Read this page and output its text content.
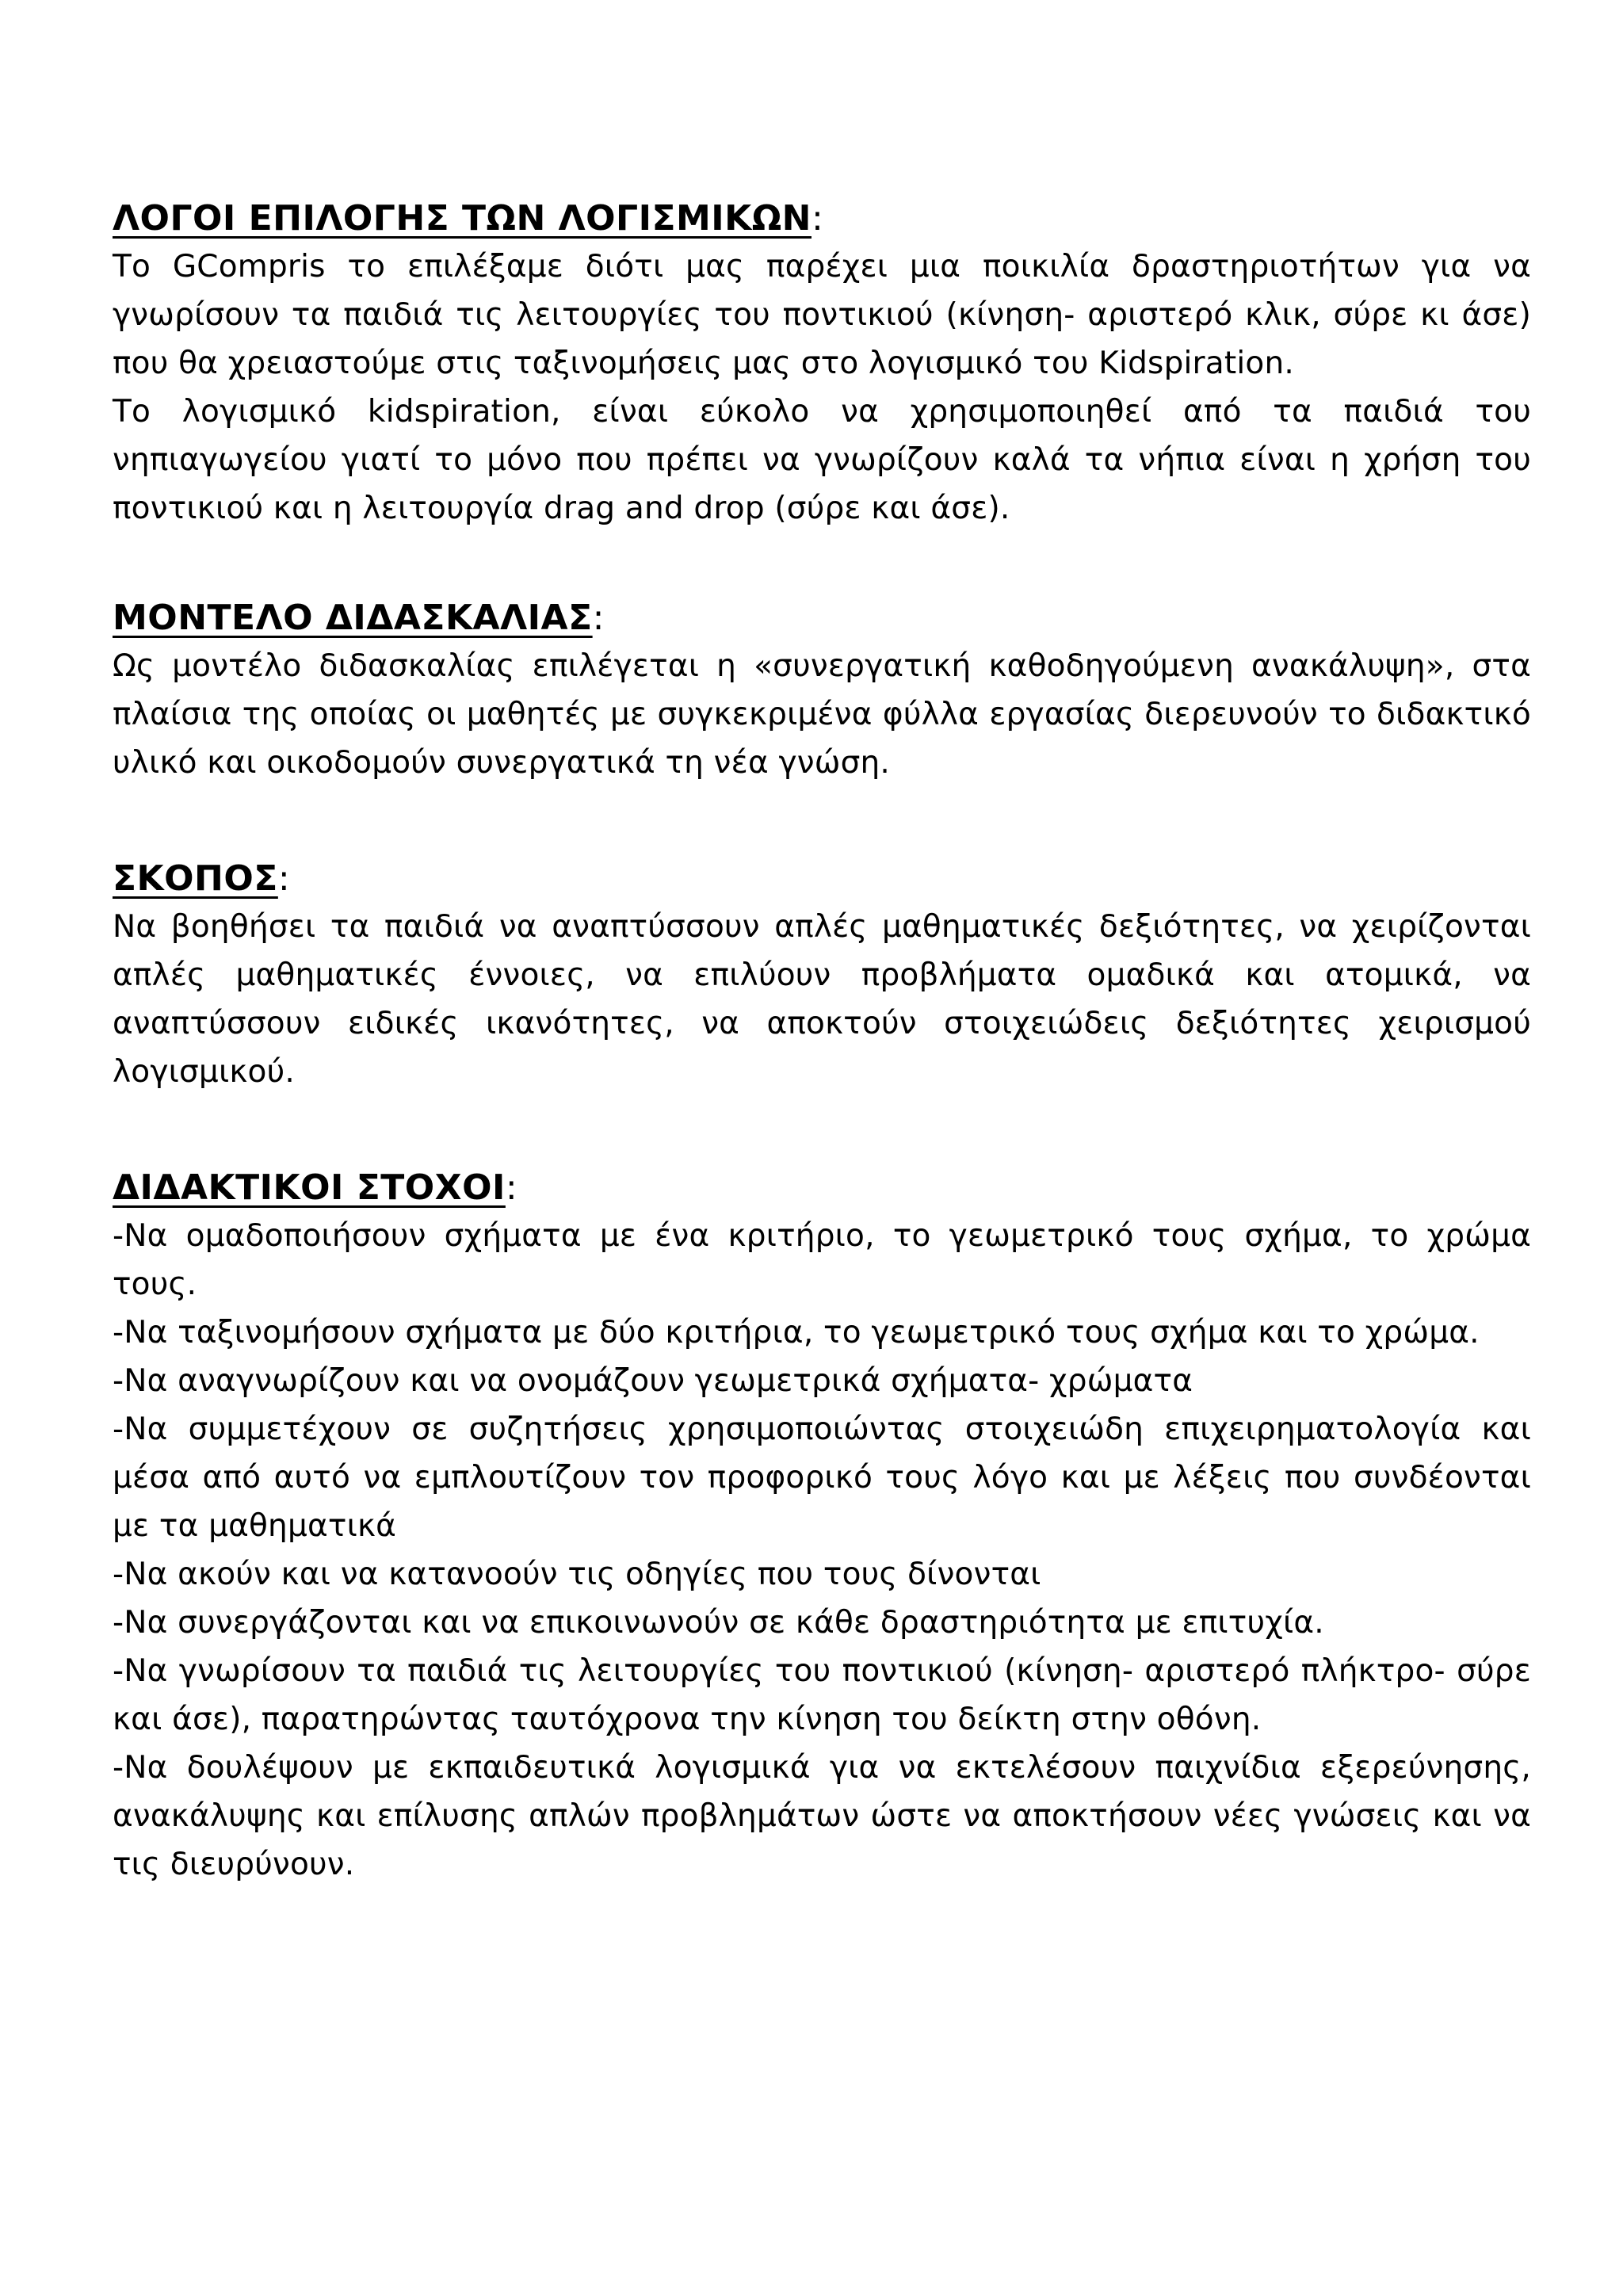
ΛΟΓΟΙ ΕΠΙΛΟΓΗΣ ΤΩΝ ΛΟΓΙΣΜΙΚΩΝ:

Το GCompris το επιλέξαμε διότι μας παρέχει μια ποικιλία δραστηριοτήτων για να γνωρίσουν τα παιδιά τις λειτουργίες του ποντικιού (κίνηση- αριστερό κλικ, σύρε κι άσε) που θα χρειαστούμε στις ταξινομήσεις μας στο λογισμικό του Kidspiration.

Το λογισμικό kidspiration, είναι εύκολο να χρησιμοποιηθεί από τα παιδιά του νηπιαγωγείου γιατί το μόνο που πρέπει να γνωρίζουν καλά τα νήπια είναι η χρήση του ποντικιού και η λειτουργία drag and drop (σύρε και άσε).

ΜΟΝΤΕΛΟ ΔΙΔΑΣΚΑΛΙΑΣ:

Ως μοντέλο διδασκαλίας επιλέγεται η «συνεργατική καθοδηγούμενη ανακάλυψη», στα πλαίσια της οποίας οι μαθητές με συγκεκριμένα φύλλα εργασίας διερευνούν το διδακτικό υλικό και οικοδομούν συνεργατικά τη νέα γνώση.

ΣΚΟΠΟΣ:

Να βοηθήσει τα παιδιά να αναπτύσσουν απλές μαθηματικές δεξιότητες, να χειρίζονται απλές μαθηματικές έννοιες, να επιλύουν προβλήματα ομαδικά και ατομικά, να αναπτύσσουν ειδικές ικανότητες, να αποκτούν στοιχειώδεις δεξιότητες χειρισμού λογισμικού.

ΔΙΔΑΚΤΙΚΟΙ ΣΤΟΧΟΙ:

-Να ομαδοποιήσουν σχήματα με ένα κριτήριο, το γεωμετρικό τους σχήμα, το χρώμα τους.

-Να ταξινομήσουν σχήματα με δύο κριτήρια, το γεωμετρικό τους σχήμα και το χρώμα.

-Να αναγνωρίζουν και να ονομάζουν γεωμετρικά σχήματα- χρώματα

-Να συμμετέχουν σε συζητήσεις χρησιμοποιώντας στοιχειώδη επιχειρηματολογία και μέσα από αυτό να εμπλουτίζουν τον προφορικό τους λόγο και με λέξεις που συνδέονται με τα μαθηματικά

-Να ακούν και να κατανοούν τις οδηγίες που τους δίνονται

-Να συνεργάζονται και να επικοινωνούν σε κάθε δραστηριότητα με επιτυχία.

-Να γνωρίσουν τα παιδιά τις λειτουργίες του ποντικιού (κίνηση- αριστερό πλήκτρο- σύρε και άσε), παρατηρώντας ταυτόχρονα την κίνηση του δείκτη στην οθόνη.

-Να δουλέψουν με εκπαιδευτικά λογισμικά για να εκτελέσουν παιχνίδια εξερεύνησης, ανακάλυψης και επίλυσης απλών προβλημάτων ώστε να αποκτήσουν νέες γνώσεις και να τις διευρύνουν.
